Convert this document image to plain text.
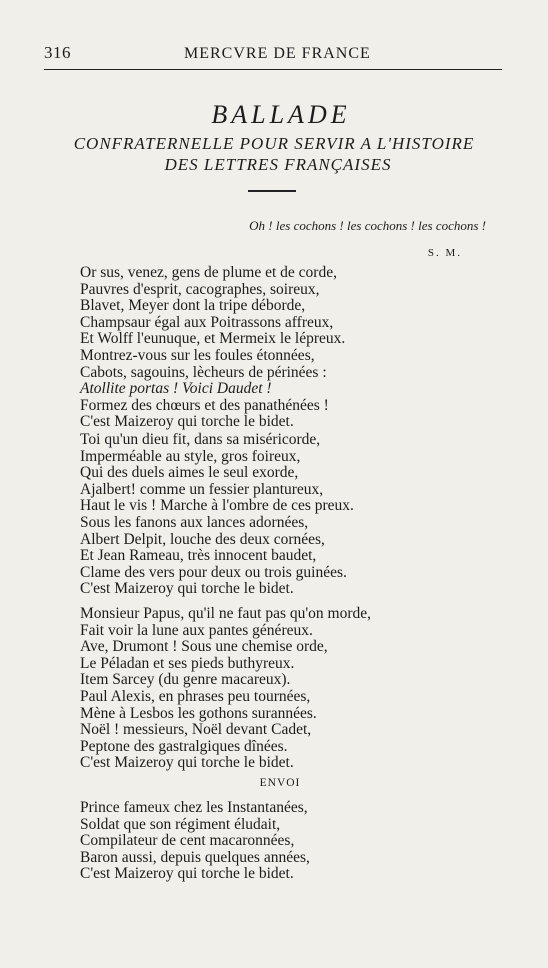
316	MERCVRE DE FRANCE
BALLADE
CONFRATERNELLE POUR SERVIR A L'HISTOIRE
DES LETTRES FRANÇAISES
Oh ! les cochons ! les cochons ! les cochons !
S. M.
Or sus, venez, gens de plume et de corde,
Pauvres d'esprit, cacographes, soireux,
Blavet, Meyer dont la tripe déborde,
Champsaur égal aux Poitrassons affreux,
Et Wolff l'eunuque, et Mermeix le lépreux.
Montrez-vous sur les foules étonnées,
Cabots, sagouins, lècheurs de périnées :
Atollite portas ! Voici Daudet !
Formez des chœurs et des panathénées !
C'est Maizeroy qui torche le bidet.
Toi qu'un dieu fit, dans sa miséricorde,
Imperméable au style, gros foireux,
Qui des duels aimes le seul exorde,
Ajalbert! comme un fessier plantureux,
Haut le vis ! Marche à l'ombre de ces preux.
Sous les fanons aux lances adornées,
Albert Delpit, louche des deux cornées,
Et Jean Rameau, très innocent baudet,
Clame des vers pour deux ou trois guinées.
C'est Maizeroy qui torche le bidet.
Monsieur Papus, qu'il ne faut pas qu'on morde,
Fait voir la lune aux pantes généreux.
Ave, Drumont ! Sous une chemise orde,
Le Péladan et ses pieds buthyreux.
Item Sarcey (du genre macareux).
Paul Alexis, en phrases peu tournées,
Mène à Lesbos les gothons surannées.
Noël ! messieurs, Noël devant Cadet,
Peptone des gastralgiques dînées.
C'est Maizeroy qui torche le bidet.
ENVOI
Prince fameux chez les Instantanées,
Soldat que son régiment éludait,
Compilateur de cent macaronnées,
Baron aussi, depuis quelques années,
C'est Maizeroy qui torche le bidet.
